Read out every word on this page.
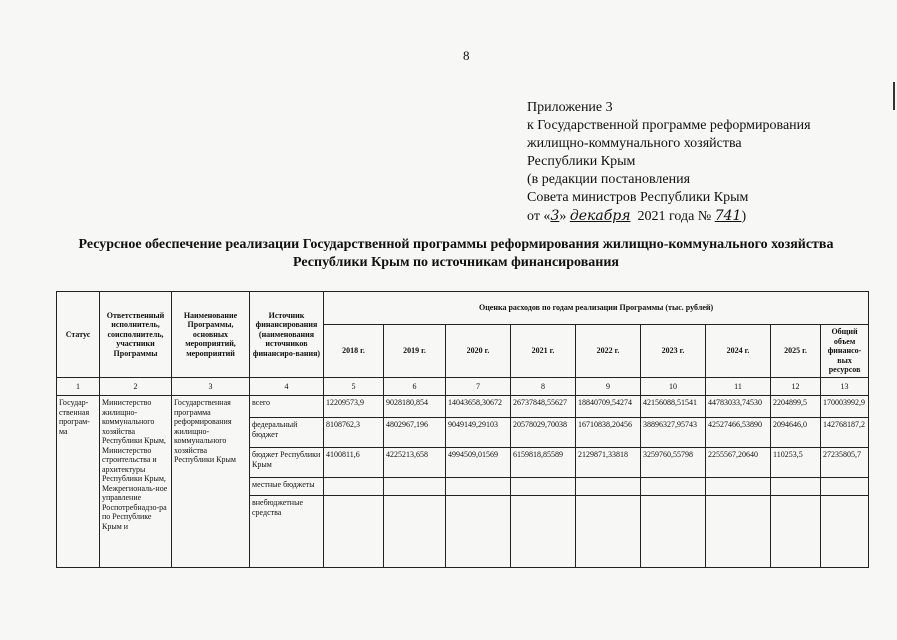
8
Приложение 3
к Государственной программе реформирования
жилищно-коммунального хозяйства
Республики Крым
(в редакции постановления
Совета министров Республики Крым
от «3» декабря 2021 года № 741)
Ресурсное обеспечение реализации Государственной программы реформирования жилищно-коммунального хозяйства Республики Крым по источникам финансирования
Статус	Ответственный исполнитель, соисполнитель, участники Программы	Наименование Программы, основных мероприятий, мероприятий	Источник финансирования (наименования источников финансиро-вания)	Оценка расходов по годам реализации Программы (тыс. рублей)								
				2018 г.	2019 г.	2020 г.	2021 г.	2022 г.	2023 г.	2024 г.	2025 г.	Общий объем финансо-вых ресурсов
1	2	3	4	5	6	7	8	9	10	11	12	13
Государ-ственная програм-ма	Министерство жилищно-коммунального хозяйства Республики Крым, Министерство строительства и архитектуры Республики Крым, Межрегиональ-ное управление Роспотребнадзо-ра по Республике Крым и	Государственная программа реформирования жилищно-коммунального хозяйства Республики Крым	всего	12209573,9	9028180,854	14043658,30672	26737848,55627	18840709,54274	42156088,51541	44783033,74530	2204899,5	170003992,9
			федеральный бюджет	8108762,3	4802967,196	9049149,29103	20578029,70038	16710838,20456	38896327,95743	42527466,53890	2094646,0	142768187,2
			бюджет Республики Крым	4100811,6	4225213,658	4994509,01569	6159818,85589	2129871,33818	3259760,55798	2255567,20640	110253,5	27235805,7
			местные бюджеты									
			внебюджетные средства									
